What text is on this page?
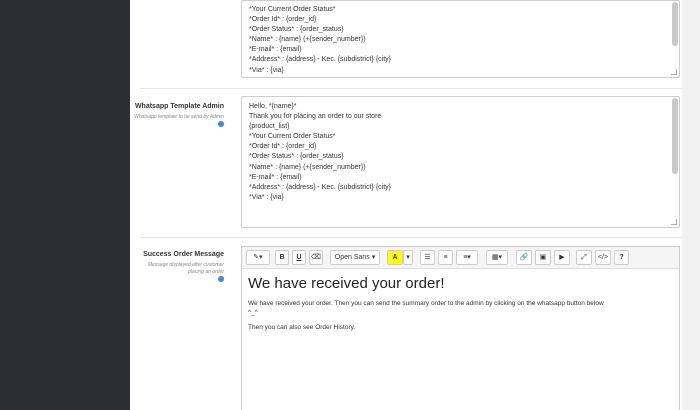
*Your Current Order Status*
*Order Id* : {order_id}
*Order Status* : {order_status}
*Name* : {name} (+{sender_number})
*E-mail* : {email}
*Address* : {address} - Kec. {subdistrict} {city}
*Via* : {via}
Whatsapp Template Admin
Whatsapp template to be send by Admin
Hello, *{name}*
Thank you for placing an order to our store
{product_list}
*Your Current Order Status*
*Order Id* : {order_id}
*Order Status* : {order_status}
*Name* : {name} (+{sender_number})
*E-mail* : {email}
*Address* : {address} - Kec. {subdistrict} {city}
*Via* : {via}
Success Order Message
Message displayed after customer placing an order

✎▾	B	U	⌫	Open Sans ▾	A	▾	☰	≡	≡▾	▦▾	🔗	▣	▶	⤢	</>	?
We have received your order!
We have received your order. Then you can send the summary order to the admin by clicking on the whatsapp button below
^_^
Then you can also see Order History.
